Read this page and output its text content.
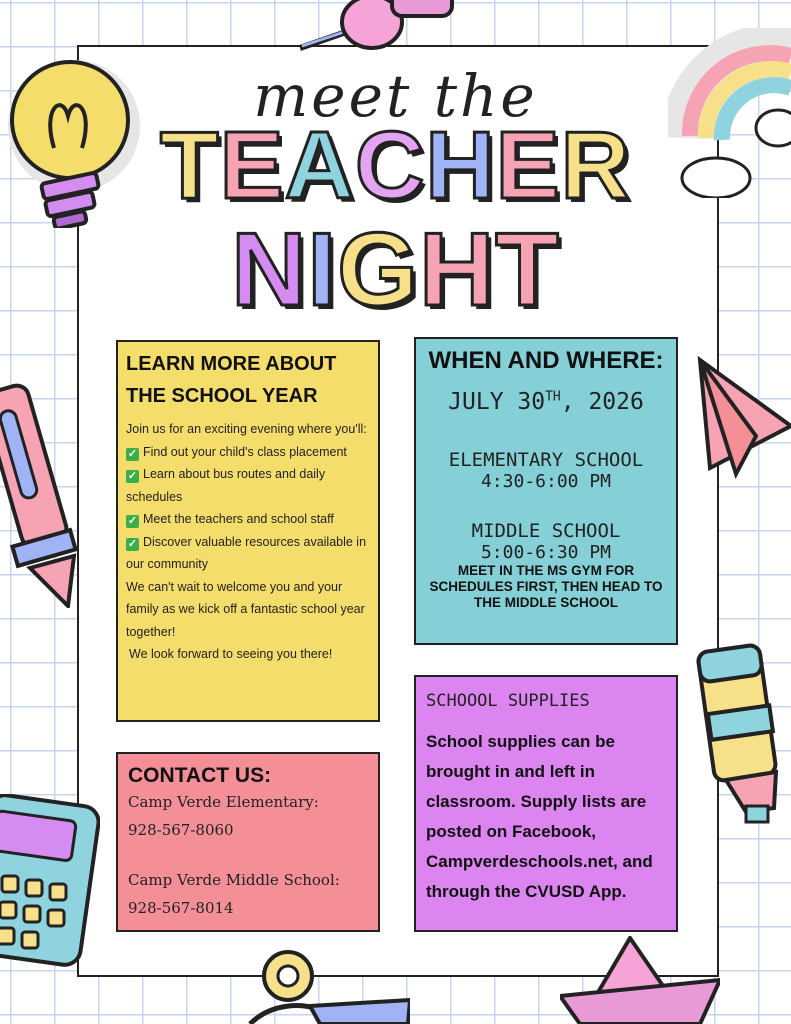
meet the
TEACHER
NIGHT
LEARN MORE ABOUT
THE SCHOOL YEAR
Join us for an exciting evening where you'll:
✓ Find out your child's class placement
✓ Learn about bus routes and daily schedules
✓ Meet the teachers and school staff
✓ Discover valuable resources available in our community
We can't wait to welcome you and your family as we kick off a fantastic school year together!
We look forward to seeing you there!
WHEN AND WHERE:
JULY 30TH, 2026
ELEMENTARY SCHOOL
4:30-6:00 PM
MIDDLE SCHOOL
5:00-6:30 PM
MEET IN THE MS GYM FOR SCHEDULES FIRST, THEN HEAD TO THE MIDDLE SCHOOL
CONTACT US:
Camp Verde Elementary:
928-567-8060
Camp Verde Middle School:
928-567-8014
SCHOOOL SUPPLIES
School supplies can be brought in and left in classroom. Supply lists are posted on Facebook, Campverdeschools.net, and through the CVUSD App.
